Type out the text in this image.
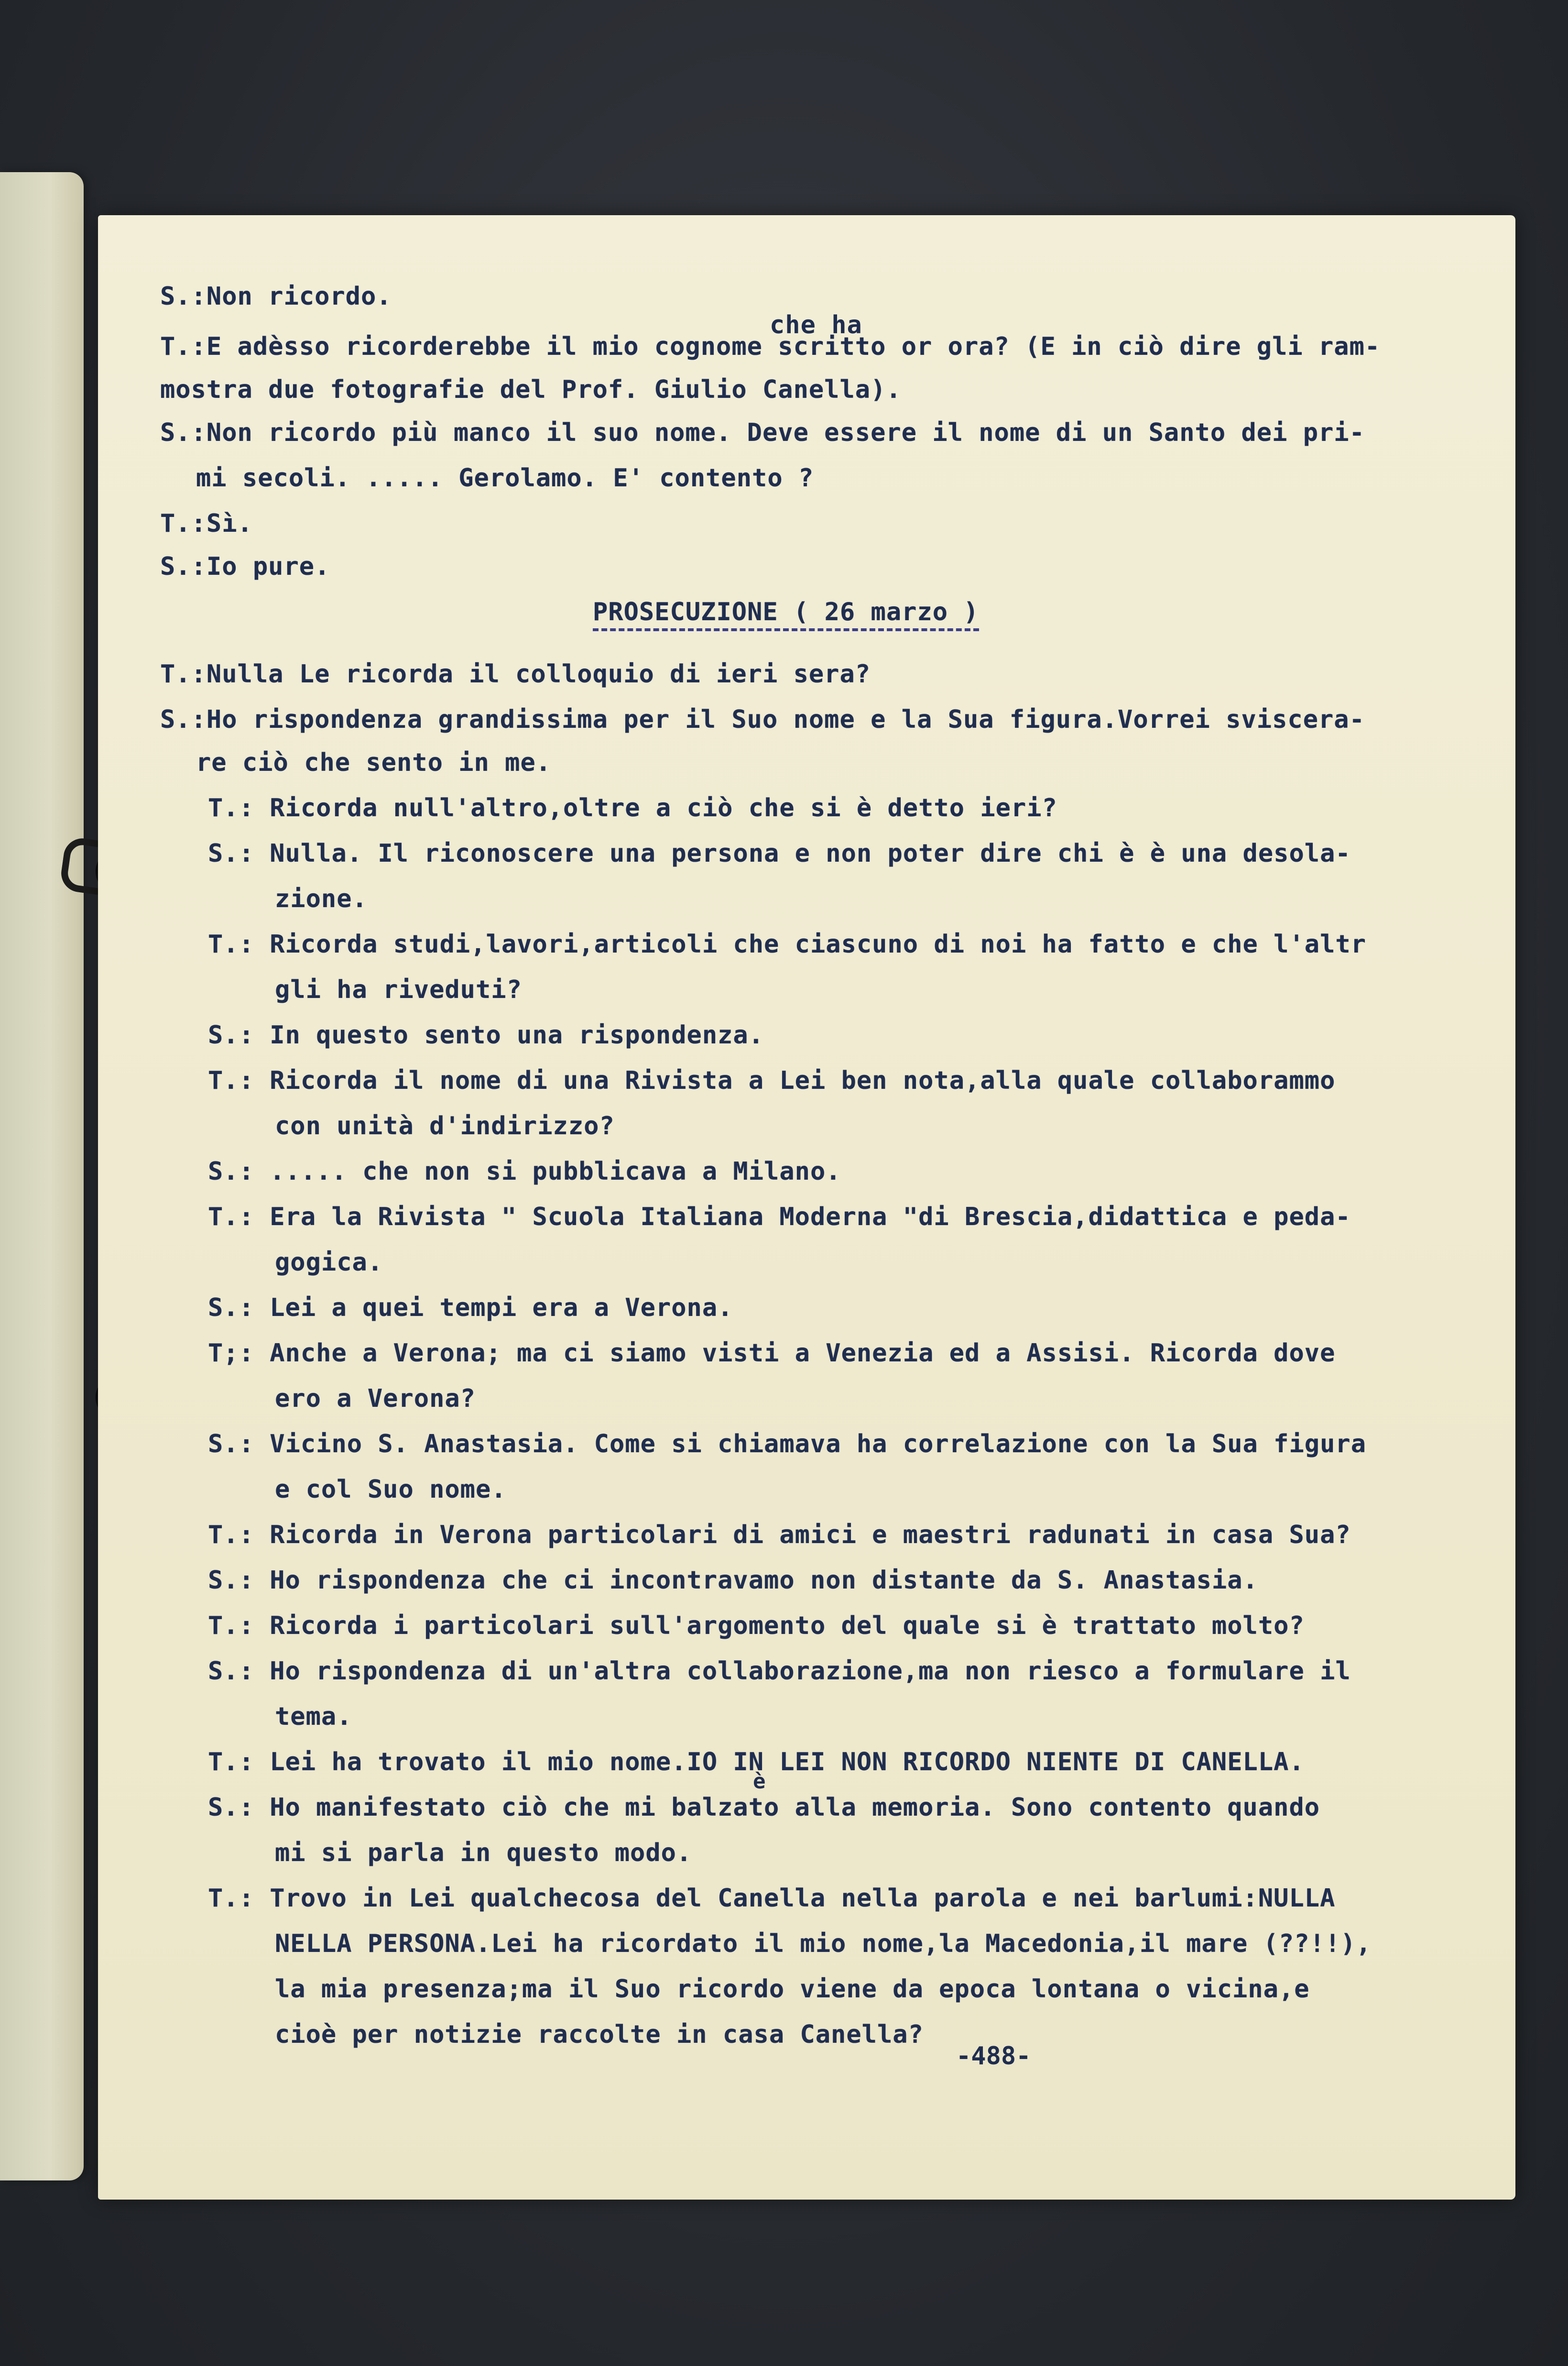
che ha
S.:Non ricordo.
T.:E adèsso ricorderebbe il mio cognome scritto or ora? (E in ciò dire gli ram-
mostra due fotografie del Prof. Giulio Canella).
S.:Non ricordo più manco il suo nome. Deve essere il nome di un Santo dei pri-
mi secoli. ..... Gerolamo. E' contento ?
T.:Sì.
S.:Io pure.
PROSECUZIONE ( 26 marzo )
T.:Nulla Le ricorda il colloquio di ieri sera?
S.:Ho rispondenza grandissima per il Suo nome e la Sua figura.Vorrei sviscera-
re ciò che sento in me.
T.: Ricorda null'altro,oltre a ciò che si è detto ieri?
S.: Nulla. Il riconoscere una persona e non poter dire chi è è una desola-
zione.
T.: Ricorda studi,lavori,articoli che ciascuno di noi ha fatto e che l'altr
gli ha riveduti?
S.: In questo sento una rispondenza.
T.: Ricorda il nome di una Rivista a Lei ben nota,alla quale collaborammo
con unità d'indirizzo?
S.: ..... che non si pubblicava a Milano.
T.: Era la Rivista " Scuola Italiana Moderna "di Brescia,didattica e peda-
gogica.
S.: Lei a quei tempi era a Verona.
T;: Anche a Verona; ma ci siamo visti a Venezia ed a Assisi. Ricorda dove
ero a Verona?
S.: Vicino S. Anastasia. Come si chiamava ha correlazione con la Sua figura
e col Suo nome.
T.: Ricorda in Verona particolari di amici e maestri radunati in casa Sua?
S.: Ho rispondenza che ci incontravamo non distante da S. Anastasia.
T.: Ricorda i particolari sull'argomento del quale si è trattato molto?
S.: Ho rispondenza di un'altra collaborazione,ma non riesco a formulare il
tema.
T.: Lei ha trovato il mio nome.IO IN LEI NON RICORDO NIENTE DI CANELLA.
è
S.: Ho manifestato ciò che mi balzato alla memoria. Sono contento quando
mi si parla in questo modo.
T.: Trovo in Lei qualchecosa del Canella nella parola e nei barlumi:NULLA
NELLA PERSONA.Lei ha ricordato il mio nome,la Macedonia,il mare (??!!),
la mia presenza;ma il Suo ricordo viene da epoca lontana o vicina,e
cioè per notizie raccolte in casa Canella?
-488-
